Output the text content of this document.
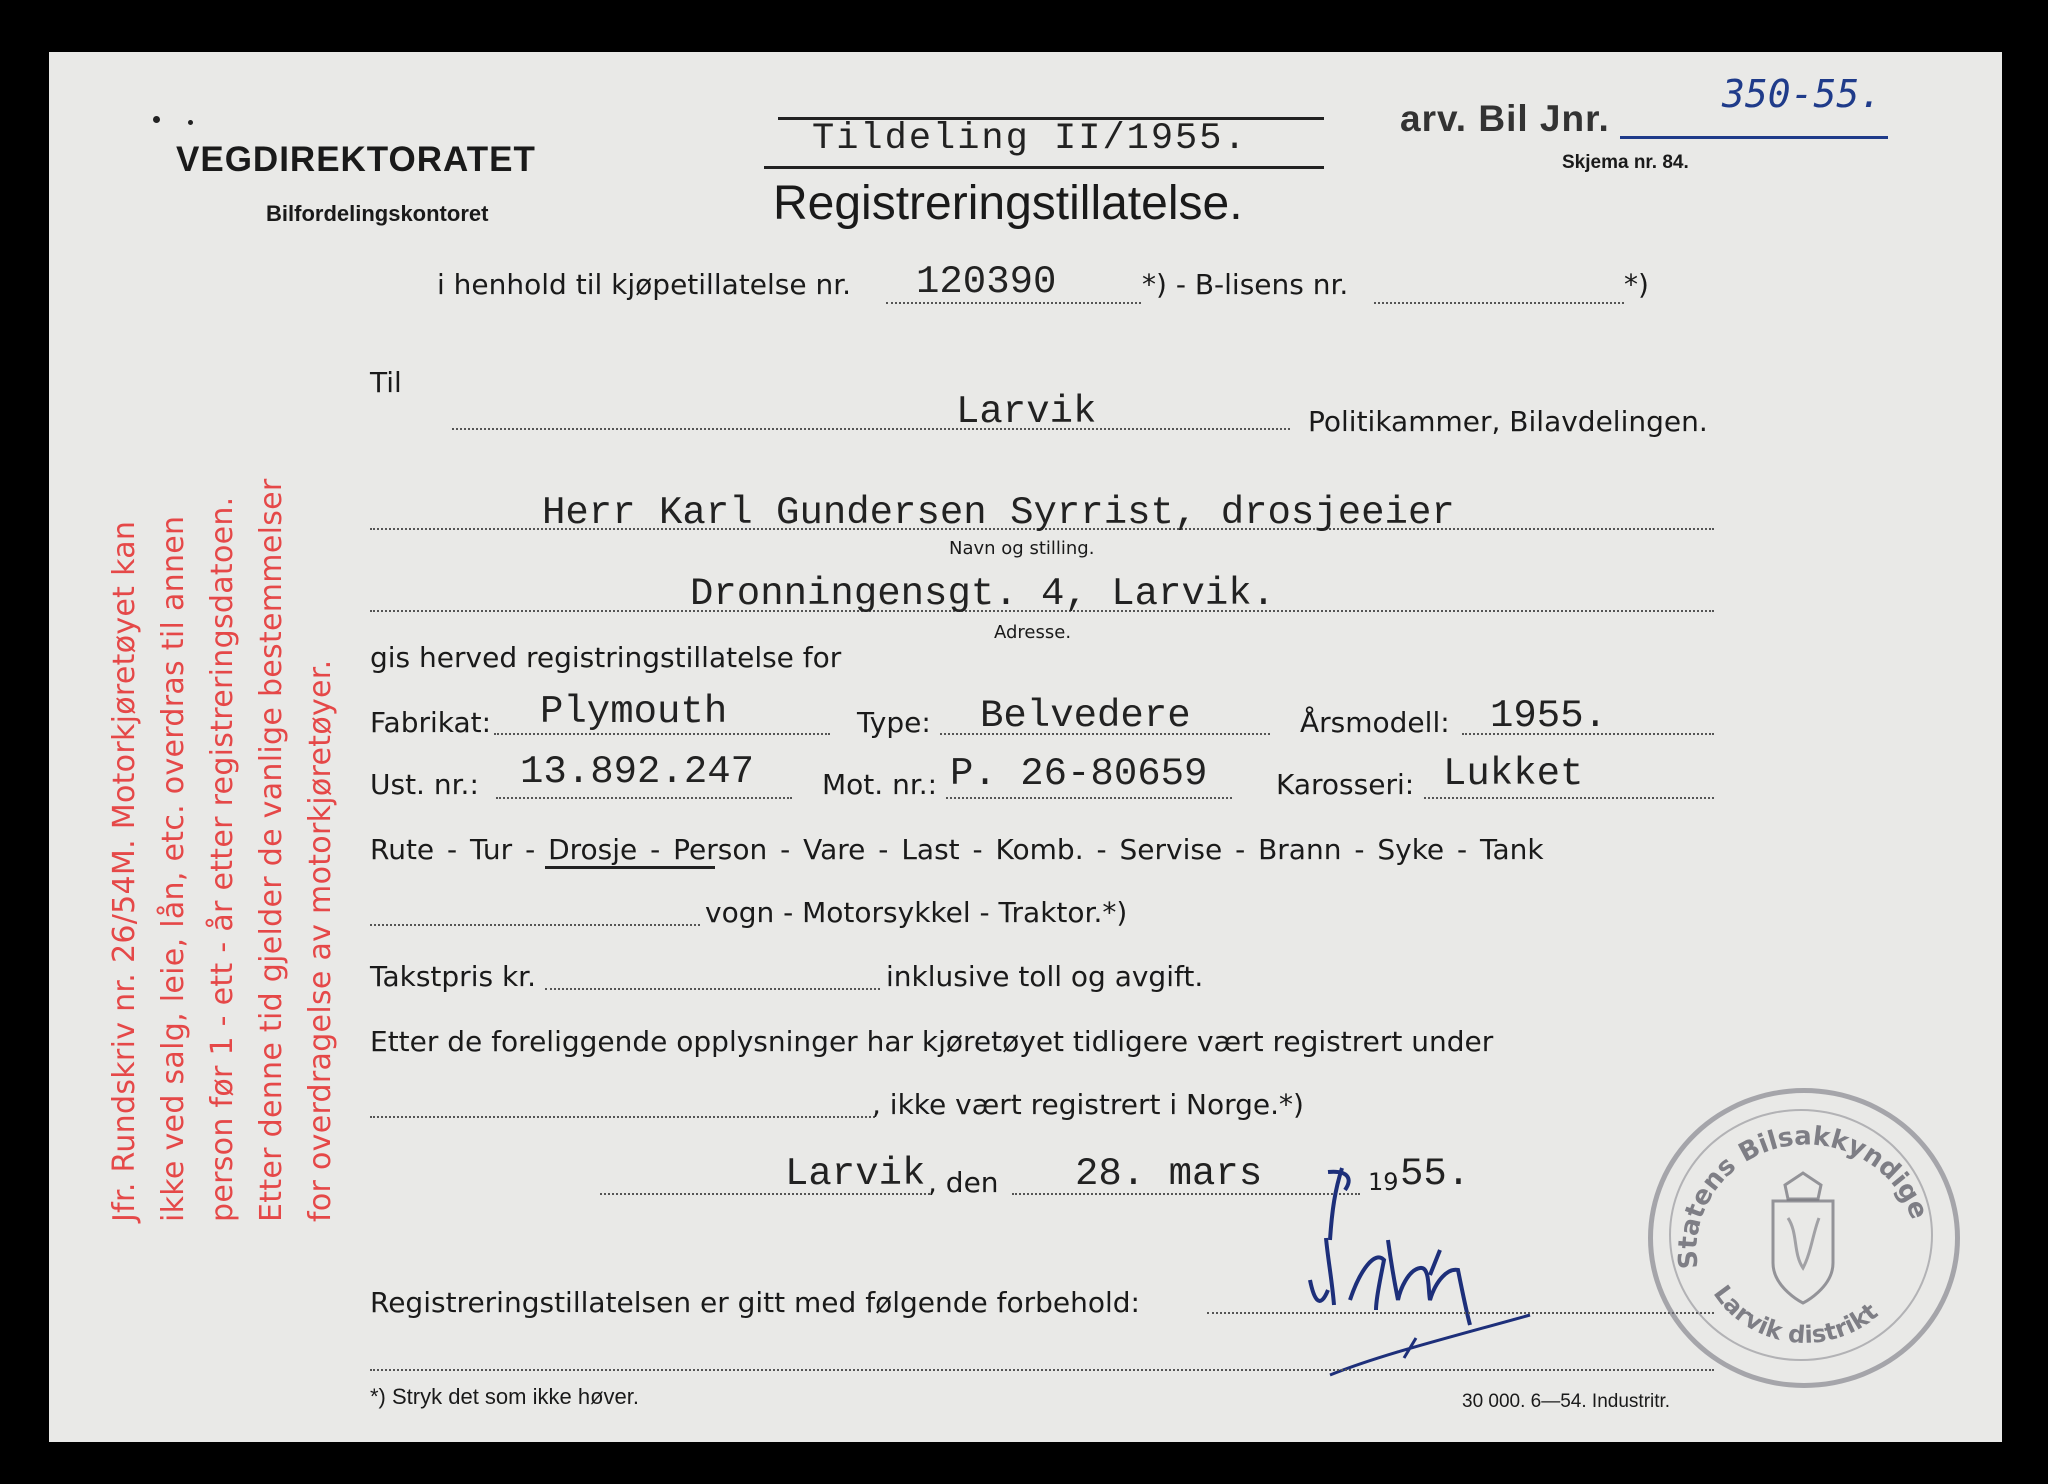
VEGDIREKTORATET
Bilfordelingskontoret
Tildeling II/1955.
Registreringstillatelse.
arv. Bil Jnr.
350-55.
Skjema nr. 84.
i henhold til kjøpetillatelse nr. 120390	*) - B-lisens nr.	*)
Til
Larvik	Politikammer, Bilavdelingen.
Herr Karl Gundersen Syrrist, drosjeeier
Navn og stilling.
Dronningensgt. 4, Larvik.
Adresse.
gis herved registringstillatelse for
Fabrikat: Plymouth	Type: Belvedere	Årsmodell: 1955.
Ust. nr.: 13.892.247 Mot. nr.: P. 26-80659 Karosseri: Lukket
Rute - Tur - Drosje - Person - Vare - Last - Komb. - Servise - Brann - Syke - Tank
vogn - Motorsykkel - Traktor.*)
Takstpris kr.	inklusive toll og avgift.
Etter de foreliggende opplysninger har kjøretøyet tidligere vært registrert under
, ikke vært registrert i Norge.*)
Larvik , den 28. mars	19 55.
Registreringstillatelsen er gitt med følgende forbehold:
*) Stryk det som ikke høver.	30 000. 6—54. Industritr.
Jfr. Rundskriv nr. 26/54M. Motorkjøretøyet kan ikke ved salg, leie, lån, etc. overdras til annen person før 1 - ett - år etter registreringsdatoen. Etter denne tid gjelder de vanlige bestemmelser for overdragelse av motorkjøretøyer.
Statens Bilsakkyndige
Larvik distrikt
